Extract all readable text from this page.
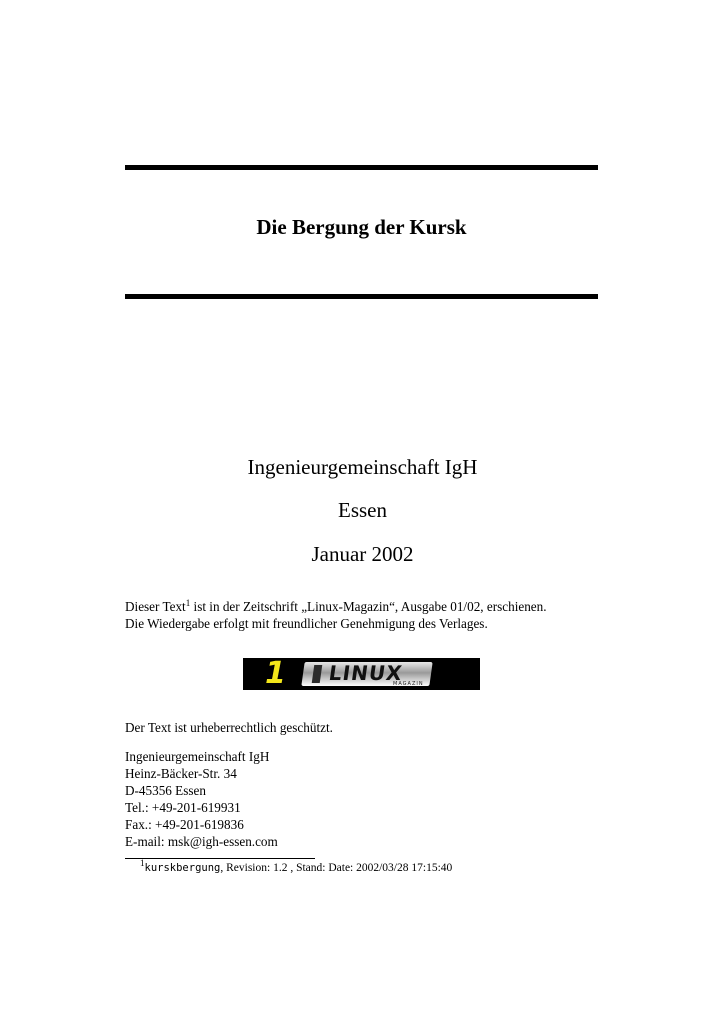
Die Bergung der Kursk
Ingenieurgemeinschaft IgH
Essen
Januar 2002
Dieser Text$^1$ ist in der Zeitschrift „Linux-Magazin“, Ausgabe 01/02, erschienen.
Die Wiedergabe erfolgt mit freundlicher Genehmigung des Verlages.
1 LINUX
MAGAZIN
Der Text ist urheberrechtlich geschützt.
Ingenieurgemeinschaft IgH
Heinz-Bäcker-Str. 34
D-45356 Essen
Tel.: +49-201-619931
Fax.: +49-201-619836
E-mail: msk@igh-essen.com
$^1$kurskbergung, Revision: 1.2 , Stand: Date: 2002/03/28 17:15:40
